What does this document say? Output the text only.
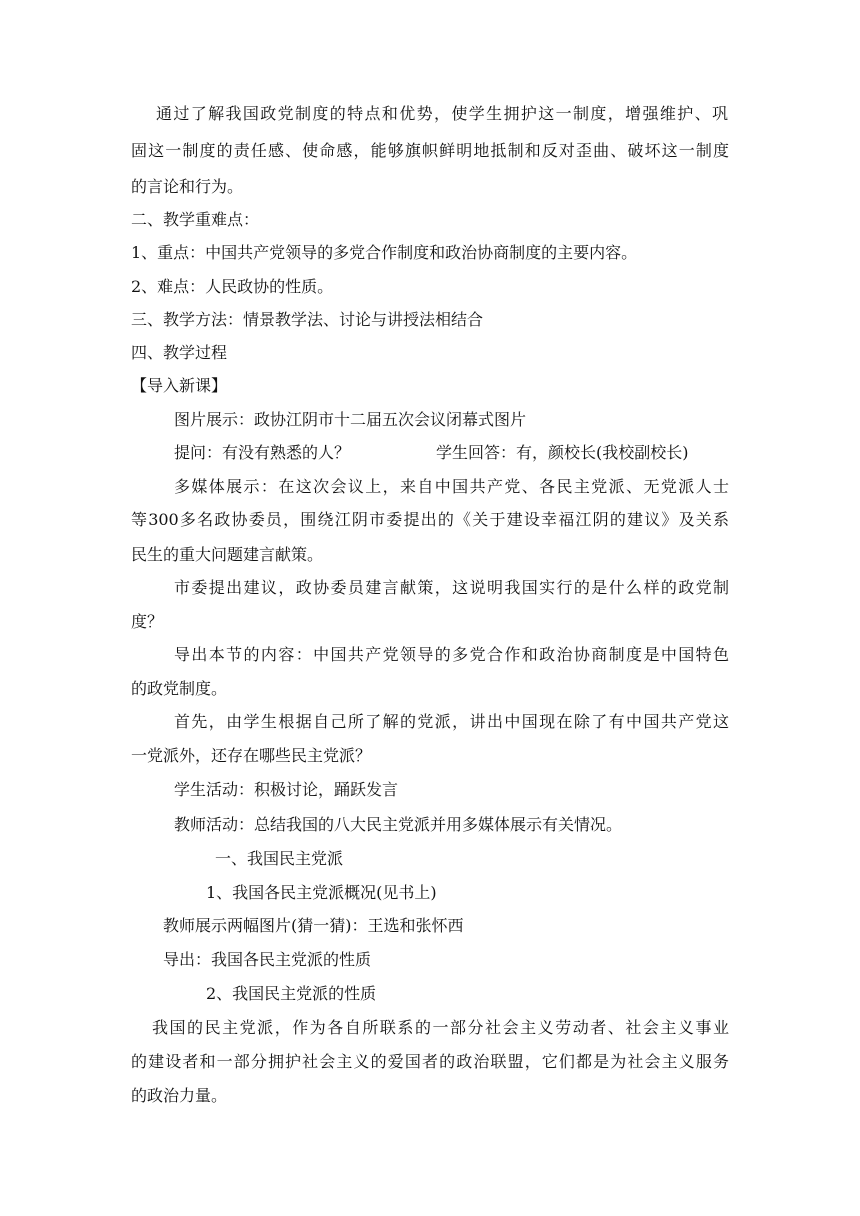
通过了解我国政党制度的特点和优势，使学生拥护这一制度，增强维护、巩
固这一制度的责任感、使命感，能够旗帜鲜明地抵制和反对歪曲、破坏这一制度
的言论和行为。
二、教学重难点：
1、重点：中国共产党领导的多党合作制度和政治协商制度的主要内容。
2、难点：人民政协的性质。
三、教学方法：情景教学法、讨论与讲授法相结合
四、教学过程
【导入新课】
图片展示：政协江阴市十二届五次会议闭幕式图片
提问：有没有熟悉的人？	学生回答：有，颜校长(我校副校长)
多媒体展示：在这次会议上，来自中国共产党、各民主党派、无党派人士
等300多名政协委员，围绕江阴市委提出的《关于建设幸福江阴的建议》及关系
民生的重大问题建言献策。
市委提出建议，政协委员建言献策，这说明我国实行的是什么样的政党制
度？
导出本节的内容：中国共产党领导的多党合作和政治协商制度是中国特色
的政党制度。
首先，由学生根据自己所了解的党派，讲出中国现在除了有中国共产党这
一党派外，还存在哪些民主党派？
学生活动：积极讨论，踊跃发言
教师活动：总结我国的八大民主党派并用多媒体展示有关情况。
一、我国民主党派
1、我国各民主党派概况(见书上)
教师展示两幅图片(猜一猜)：王选和张怀西
导出：我国各民主党派的性质
2、我国民主党派的性质
我国的民主党派，作为各自所联系的一部分社会主义劳动者、社会主义事业
的建设者和一部分拥护社会主义的爱国者的政治联盟，它们都是为社会主义服务
的政治力量。
